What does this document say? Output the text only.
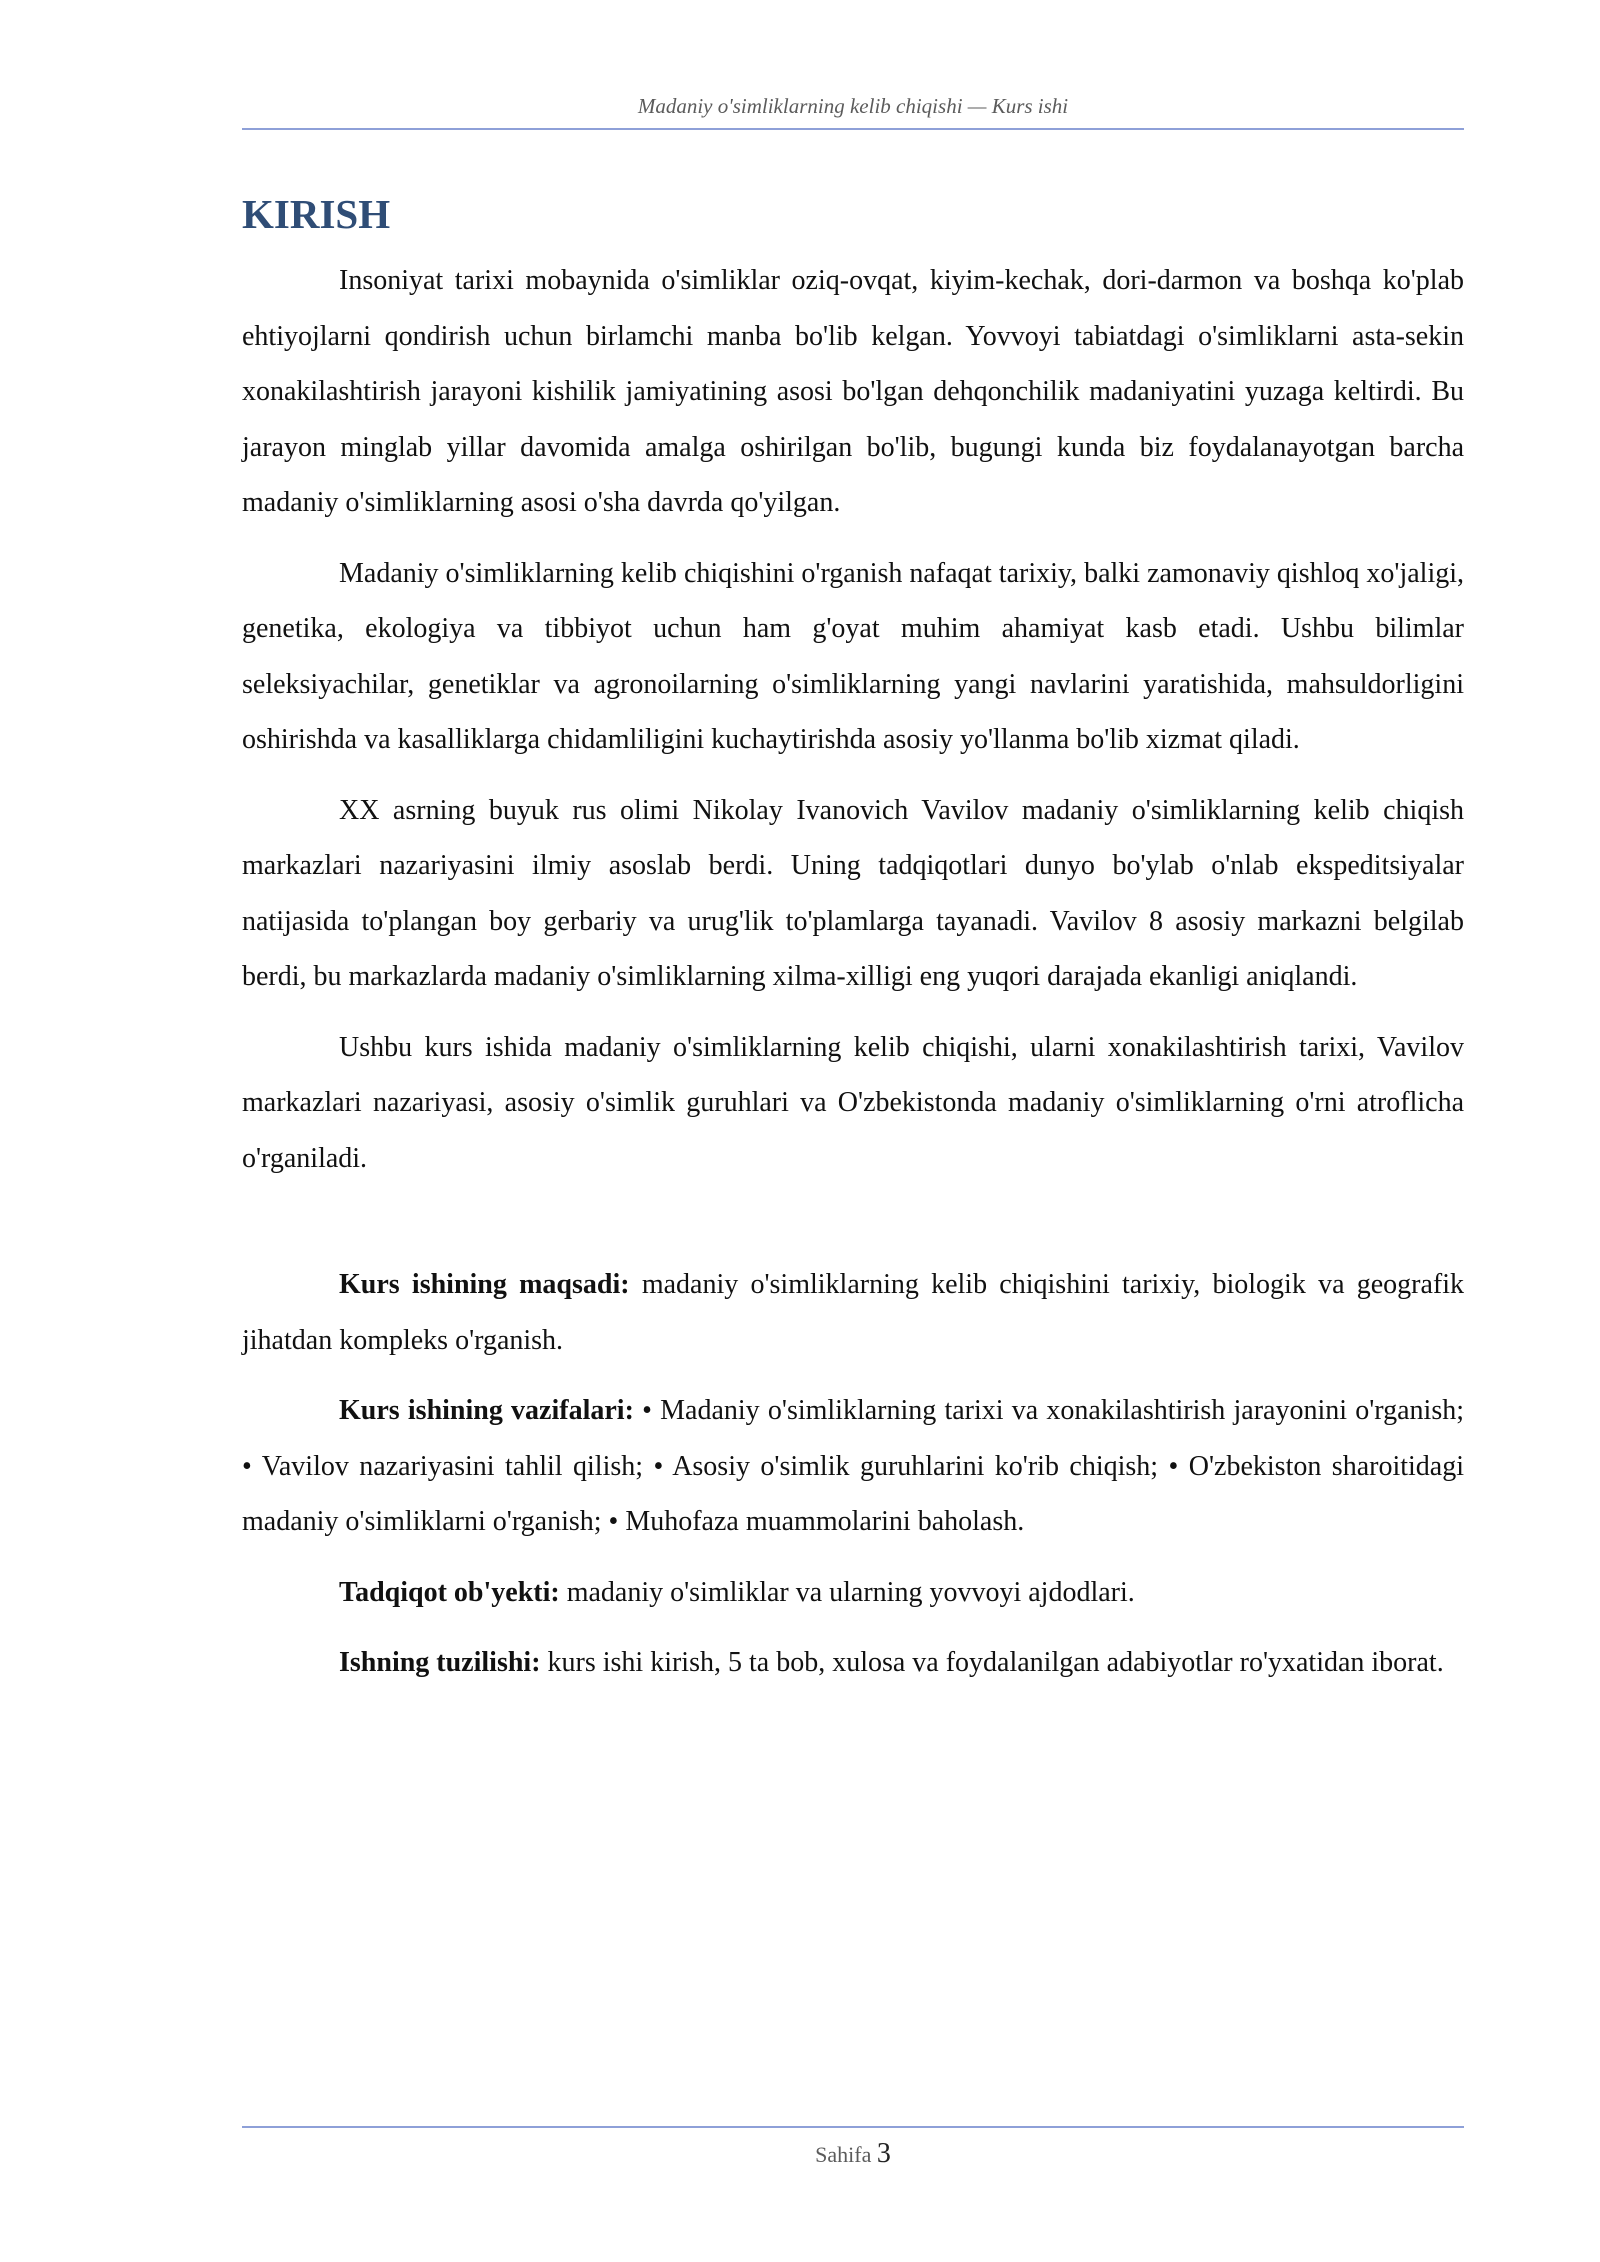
Madaniy o'simliklarning kelib chiqishi — Kurs ishi
KIRISH

Insoniyat tarixi mobaynida o'simliklar oziq-ovqat, kiyim-kechak, dori-darmon va boshqa ko'plab ehtiyojlarni qondirish uchun birlamchi manba bo'lib kelgan. Yovvoyi tabiatdagi o'simliklarni asta-sekin xonakilashtirish jarayoni kishilik jamiyatining asosi bo'lgan dehqonchilik madaniyatini yuzaga keltirdi. Bu jarayon minglab yillar davomida amalga oshirilgan bo'lib, bugungi kunda biz foydalanayotgan barcha madaniy o'simliklarning asosi o'sha davrda qo'yilgan.

Madaniy o'simliklarning kelib chiqishini o'rganish nafaqat tarixiy, balki zamonaviy qishloq xo'jaligi, genetika, ekologiya va tibbiyot uchun ham g'oyat muhim ahamiyat kasb etadi. Ushbu bilimlar seleksiyachilar, genetiklar va agronoilarning o'simliklarning yangi navlarini yaratishida, mahsuldorligini oshirishda va kasalliklarga chidamliligini kuchaytirishda asosiy yo'llanma bo'lib xizmat qiladi.

XX asrning buyuk rus olimi Nikolay Ivanovich Vavilov madaniy o'simliklarning kelib chiqish markazlari nazariyasini ilmiy asoslab berdi. Uning tadqiqotlari dunyo bo'ylab o'nlab ekspeditsiyalar natijasida to'plangan boy gerbariy va urug'lik to'plamlarga tayanadi. Vavilov 8 asosiy markazni belgilab berdi, bu markazlarda madaniy o'simliklarning xilma-xilligi eng yuqori darajada ekanligi aniqlandi.

Ushbu kurs ishida madaniy o'simliklarning kelib chiqishi, ularni xonakilashtirish tarixi, Vavilov markazlari nazariyasi, asosiy o'simlik guruhlari va O'zbekistonda madaniy o'simliklarning o'rni atroflicha o'rganiladi.

Kurs ishining maqsadi: madaniy o'simliklarning kelib chiqishini tarixiy, biologik va geografik jihatdan kompleks o'rganish.

Kurs ishining vazifalari: • Madaniy o'simliklarning tarixi va xonakilashtirish jarayonini o'rganish; • Vavilov nazariyasini tahlil qilish; • Asosiy o'simlik guruhlarini ko'rib chiqish; • O'zbekiston sharoitidagi madaniy o'simliklarni o'rganish; • Muhofaza muammolarini baholash.

Tadqiqot ob'yekti: madaniy o'simliklar va ularning yovvoyi ajdodlari.

Ishning tuzilishi: kurs ishi kirish, 5 ta bob, xulosa va foydalanilgan adabiyotlar ro'yxatidan iborat.

Sahifa 3
